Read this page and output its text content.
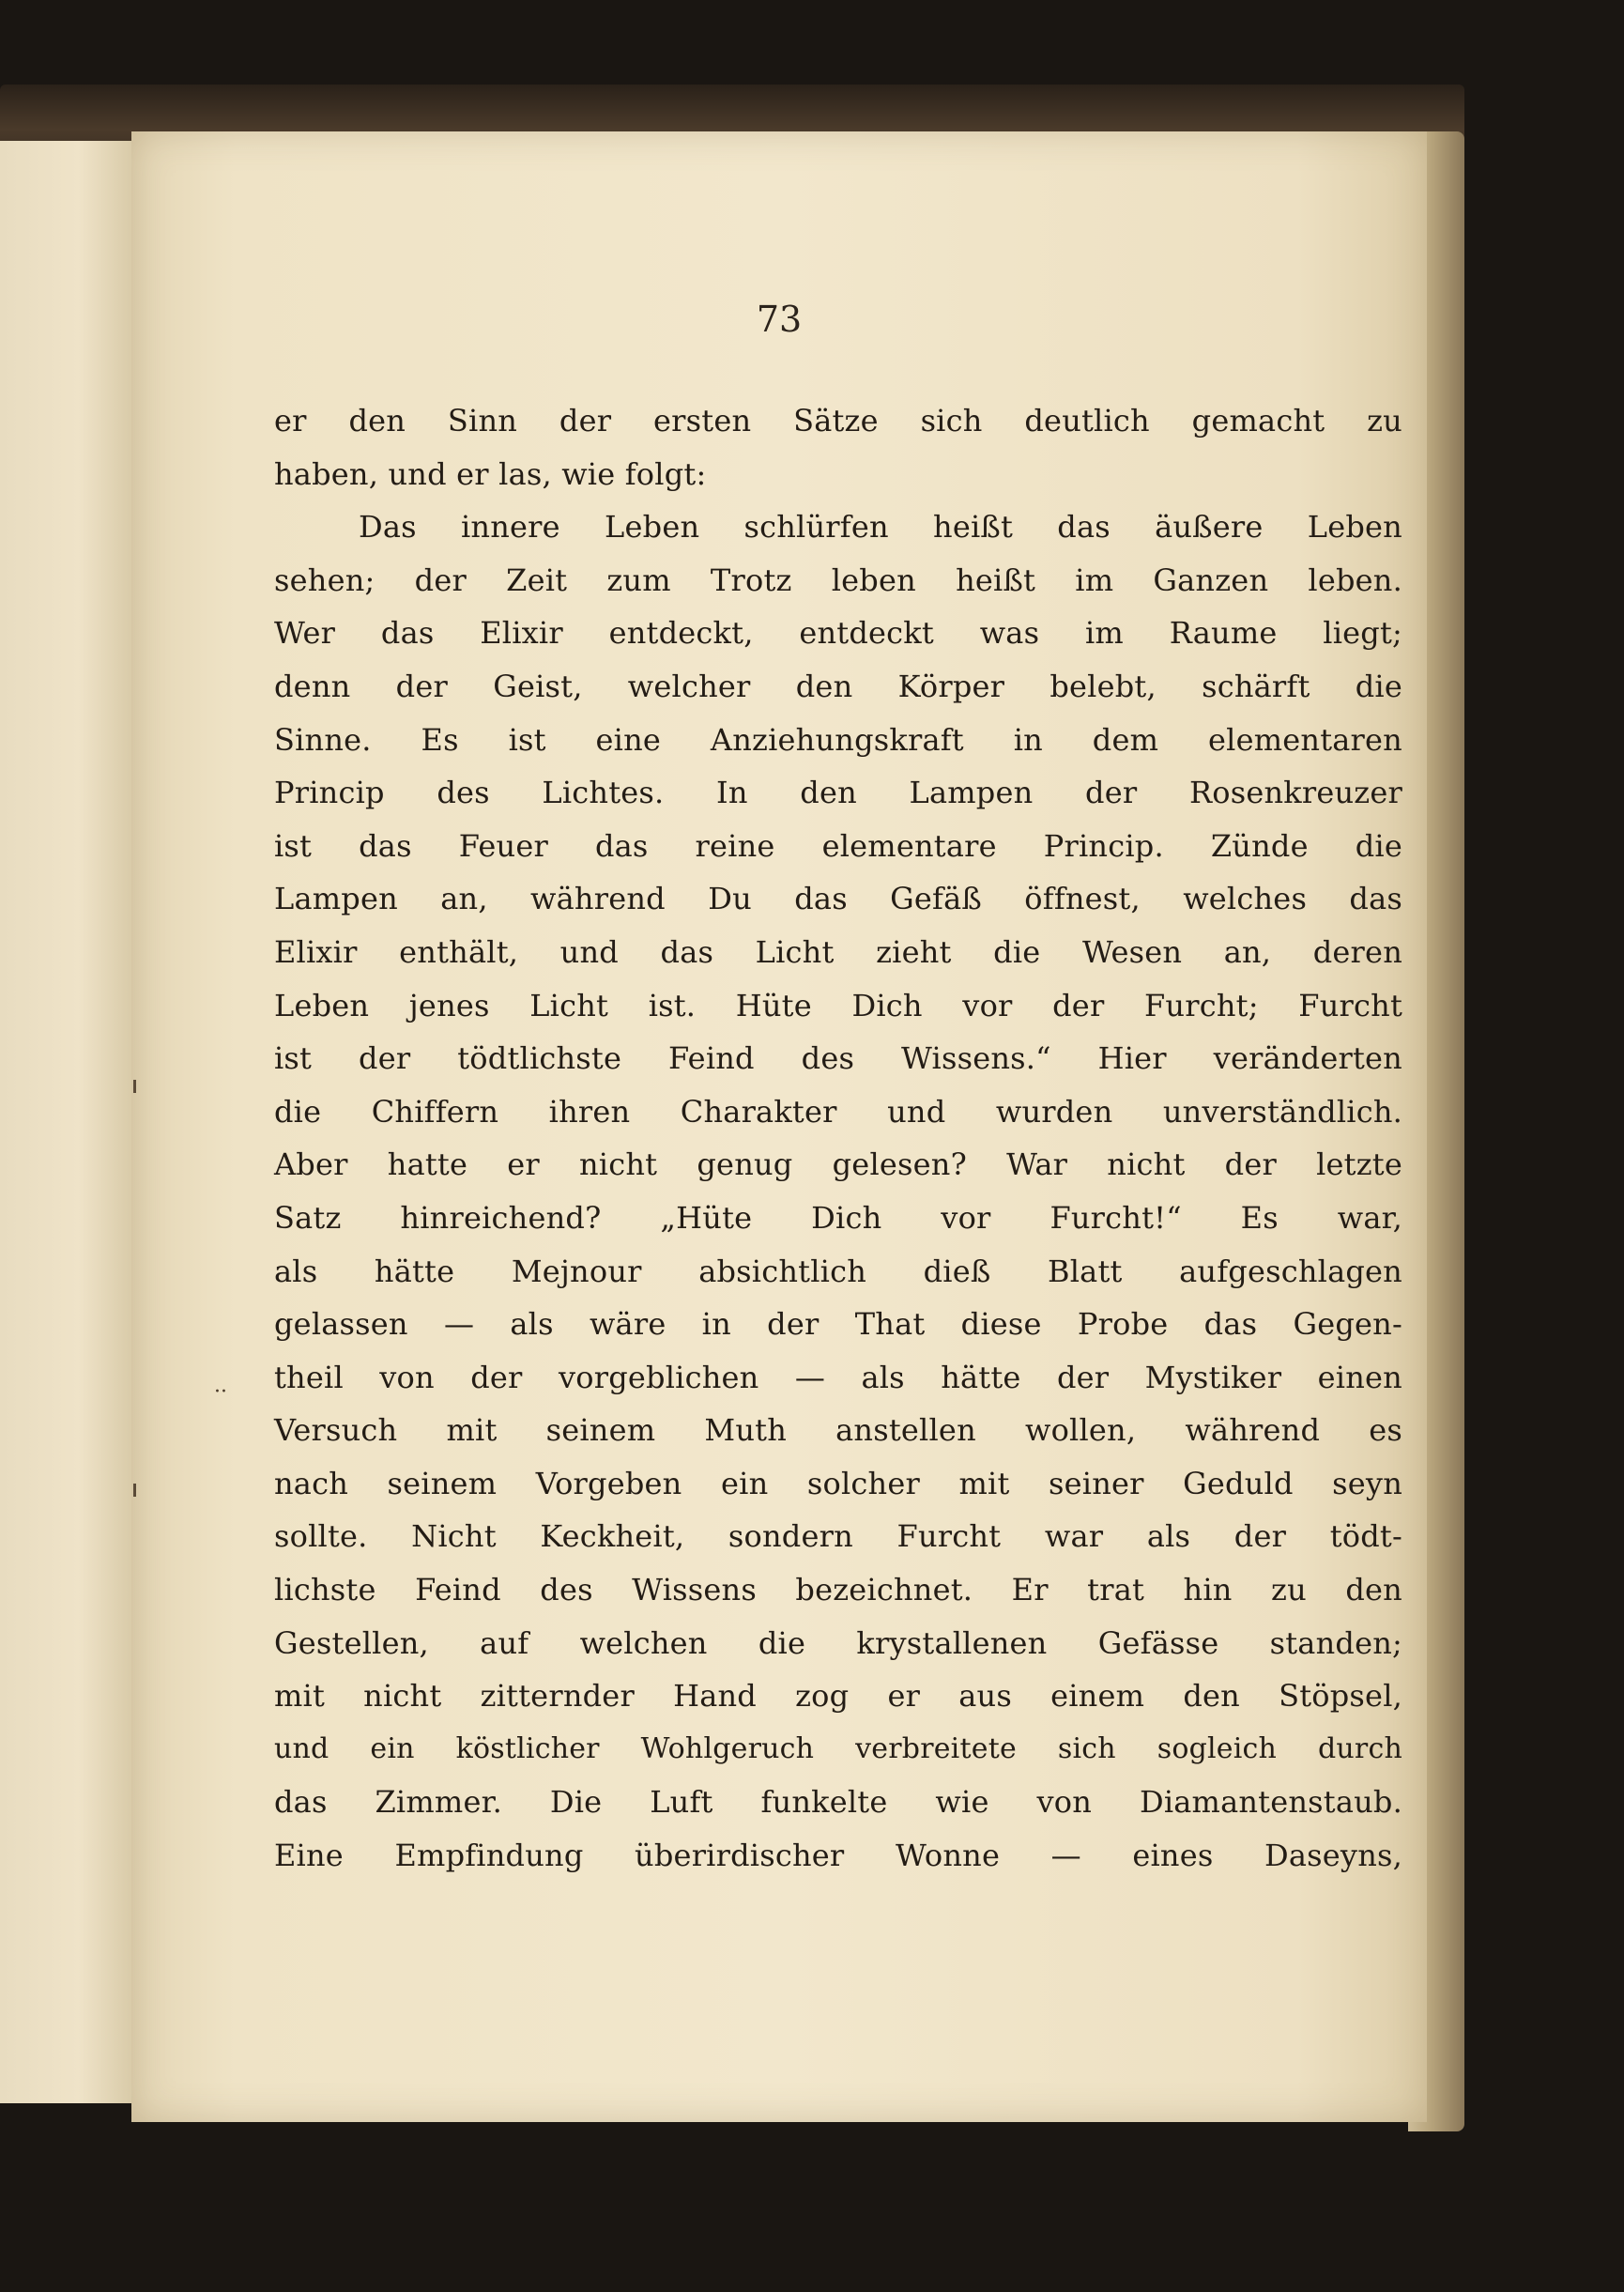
73
··
er den Sinn der ersten Sätze sich deutlich gemacht zu
haben, und er las, wie folgt:
Das innere Leben schlürfen heißt das äußere Leben
sehen; der Zeit zum Trotz leben heißt im Ganzen leben.
Wer das Elixir entdeckt, entdeckt was im Raume liegt;
denn der Geist, welcher den Körper belebt, schärft die
Sinne. Es ist eine Anziehungskraft in dem elementaren
Princip des Lichtes. In den Lampen der Rosenkreuzer
ist das Feuer das reine elementare Princip. Zünde die
Lampen an, während Du das Gefäß öffnest, welches das
Elixir enthält, und das Licht zieht die Wesen an, deren
Leben jenes Licht ist. Hüte Dich vor der Furcht; Furcht
ist der tödtlichste Feind des Wissens.“ Hier veränderten
die Chiffern ihren Charakter und wurden unverständlich.
Aber hatte er nicht genug gelesen? War nicht der letzte
Satz hinreichend? „Hüte Dich vor Furcht!“ Es war,
als hätte Mejnour absichtlich dieß Blatt aufgeschlagen
gelassen — als wäre in der That diese Probe das Gegen-
theil von der vorgeblichen — als hätte der Mystiker einen
Versuch mit seinem Muth anstellen wollen, während es
nach seinem Vorgeben ein solcher mit seiner Geduld seyn
sollte. Nicht Keckheit, sondern Furcht war als der tödt-
lichste Feind des Wissens bezeichnet. Er trat hin zu den
Gestellen, auf welchen die krystallenen Gefässe standen;
mit nicht zitternder Hand zog er aus einem den Stöpsel,
und ein köstlicher Wohlgeruch verbreitete sich sogleich durch
das Zimmer. Die Luft funkelte wie von Diamantenstaub.
Eine Empfindung überirdischer Wonne — eines Daseyns,
